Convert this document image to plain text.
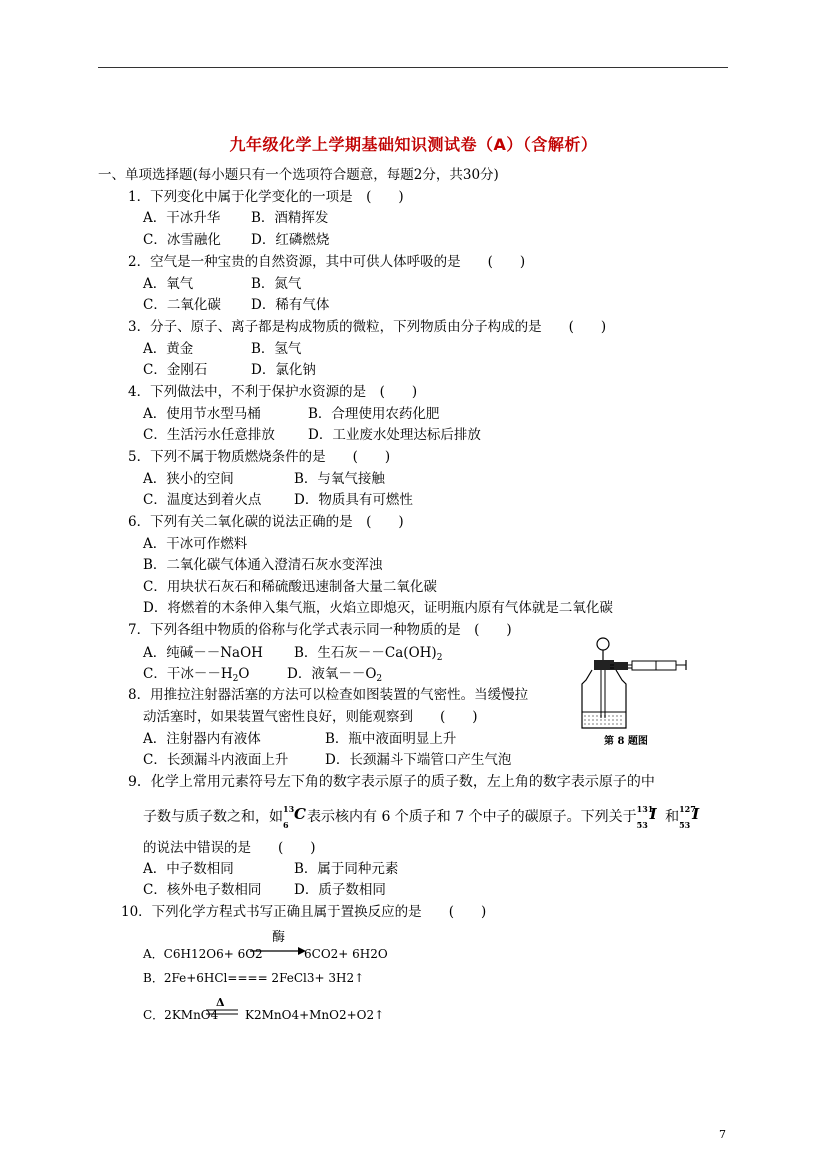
九年级化学上学期基础知识测试卷（A）（含解析）
一、单项选择题(每小题只有一个选项符合题意，每题2分，共30分)
1．下列变化中属于化学变化的一项是　 (　　)
A．干冰升华 B．酒精挥发
C．冰雪融化 D．红磷燃烧
2．空气是一种宝贵的自然资源，其中可供人体呼吸的是　　 (　　)
A．氧气	B．氮气
C．二氧化碳 D．稀有气体
3．分子、原子、离子都是构成物质的微粒，下列物质由分子构成的是　　 (　　)
A．黄金	B．氢气
C．金刚石	D．氯化钠
4．下列做法中，不利于保护水资源的是　 (　　)
A．使用节水型马桶	B．合理使用农药化肥
C．生活污水任意排放 D．工业废水处理达标后排放
5．下列不属于物质燃烧条件的是　　 (　　)
A．狭小的空间	B．与氧气接触
C．温度达到着火点 D．物质具有可燃性
6．下列有关二氧化碳的说法正确的是　 (　　)
A．干冰可作燃料
B．二氧化碳气体通入澄清石灰水变浑浊
C．用块状石灰石和稀硫酸迅速制备大量二氧化碳
D．将燃着的木条伸入集气瓶，火焰立即熄灭，证明瓶内原有气体就是二氧化碳
7．下列各组中物质的俗称与化学式表示同一种物质的是　 (　　)
A．纯碱－－NaOH B．生石灰$--Ca(OH)_2$
C．干冰$--H_2O$	D．液氧$--O_2$
第 8 题图
8．用推拉注射器活塞的方法可以检查如图装置的气密性。当缓慢拉
动活塞时，如果装置气密性良好，则能观察到　　 (　　)
A．注射器内有液体	B．瓶中液面明显上升
C．长颈漏斗内液面上升	D．长颈漏斗下端管口产生气泡
9．化学上常用元素符号左下角的数字表示原子的质子数，左上角的数字表示原子的中
子数与质子数之和，如 13
6
C 表示核内有 6 个质子和 7 个中子的碳原子。下列关于 131
53
I 和 127
53
I
的说法中错误的是　　 (　　)
A．中子数相同	B．属于同种元素
C．核外电子数相同 D．质子数相同
10．下列化学方程式书写正确且属于置换反应的是　　 (　　)
A．C6H12O6+ 6O2
酶
6CO2+ 6H2O
B．2Fe+6HCl==== 2FeCl3+ 3H2↑
C．2KMnO4
Δ
K2MnO4+MnO2+O2↑
7
